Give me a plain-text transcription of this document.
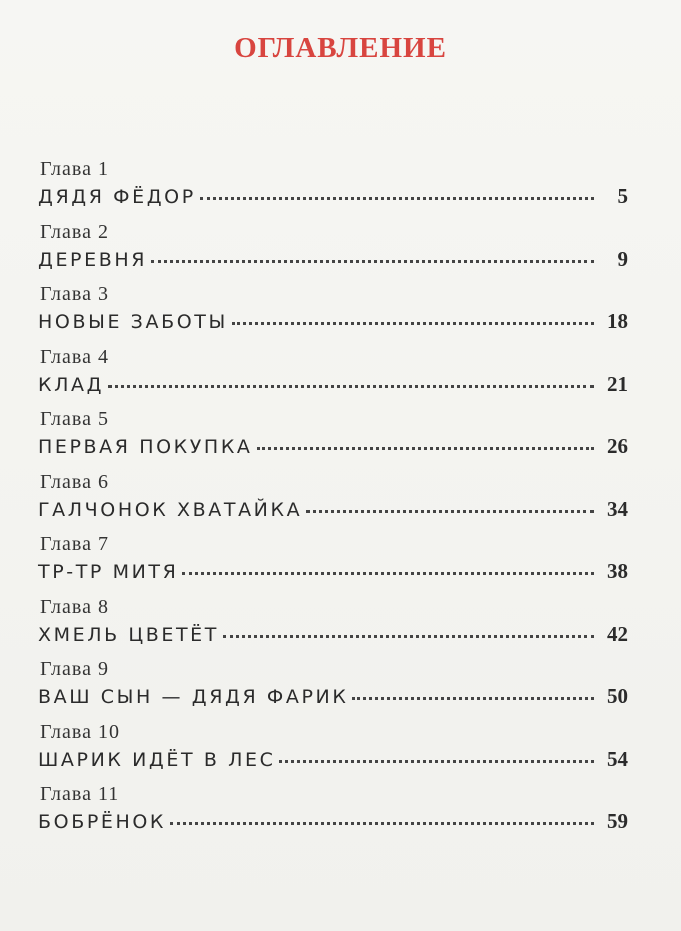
ОГЛАВЛЕНИЕ
Глава 1
ДЯДЯ ФЁДОР	5
Глава 2
ДЕРЕВНЯ	9
Глава 3
НОВЫЕ ЗАБОТЫ	18
Глава 4
КЛАД	21
Глава 5
ПЕРВАЯ ПОКУПКА	26
Глава 6
ГАЛЧОНОК ХВАТАЙКА	34
Глава 7
ТР-ТР МИТЯ	38
Глава 8
ХМЕЛЬ ЦВЕТЁТ	42
Глава 9
ВАШ СЫН — ДЯДЯ ФАРИК	50
Глава 10
ШАРИК ИДЁТ В ЛЕС	54
Глава 11
БОБРЁНОК	59
